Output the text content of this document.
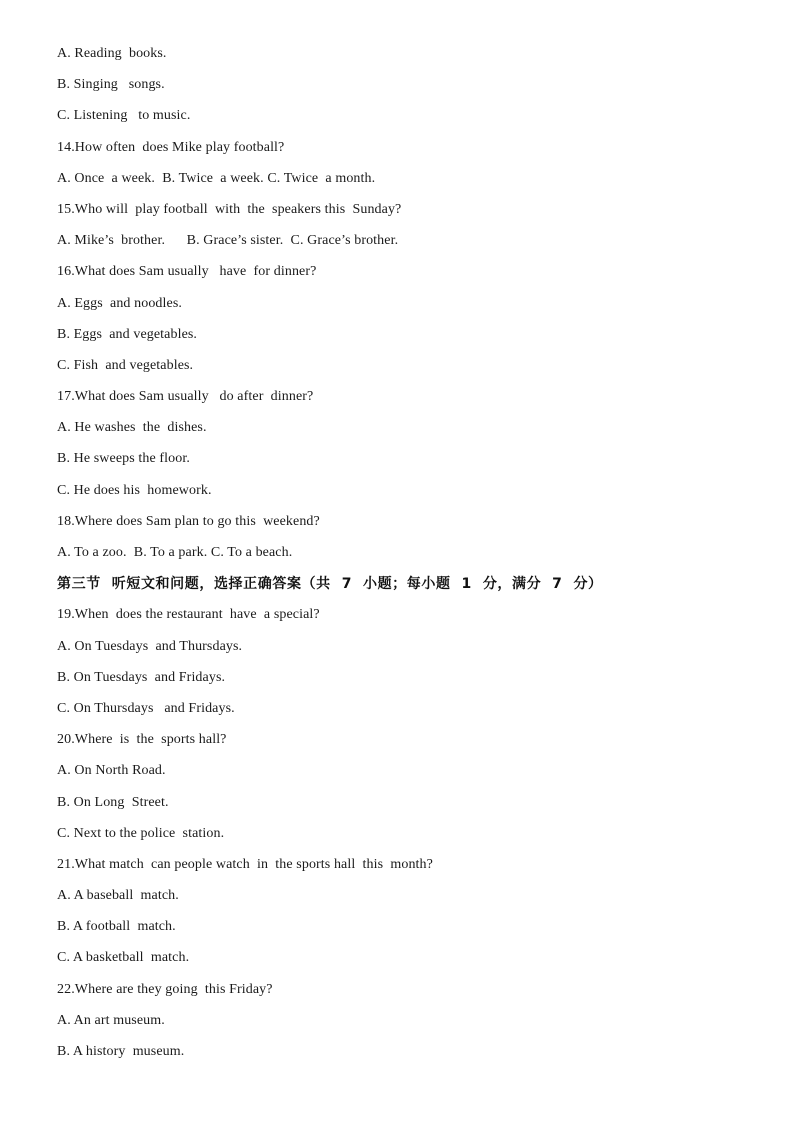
A. Reading  books.
B. Singing   songs.
C. Listening   to music.
14.How often  does Mike play football?
A. Once  a week.  B. Twice  a week. C. Twice  a month.
15.Who will  play football  with  the  speakers this  Sunday?
A. Mike’s  brother.      B. Grace’s sister.  C. Grace’s brother.
16.What does Sam usually   have  for dinner?
A. Eggs  and noodles.
B. Eggs  and vegetables.
C. Fish  and vegetables.
17.What does Sam usually   do after  dinner?
A. He washes  the  dishes.
B. He sweeps the floor.
C. He does his  homework.
18.Where does Sam plan to go this  weekend?
A. To a zoo.  B. To a park. C. To a beach.
第三节  听短文和问题，选择正确答案（共  7  小题；每小题  1  分，满分  7  分）
19.When  does the restaurant  have  a special?
A. On Tuesdays  and Thursdays.
B. On Tuesdays  and Fridays.
C. On Thursdays   and Fridays.
20.Where  is  the  sports hall?
A. On North Road.
B. On Long  Street.
C. Next to the police  station.
21.What match  can people watch  in  the sports hall  this  month?
A. A baseball  match.
B. A football  match.
C. A basketball  match.
22.Where are they going  this Friday?
A. An art museum.
B. A history  museum.
